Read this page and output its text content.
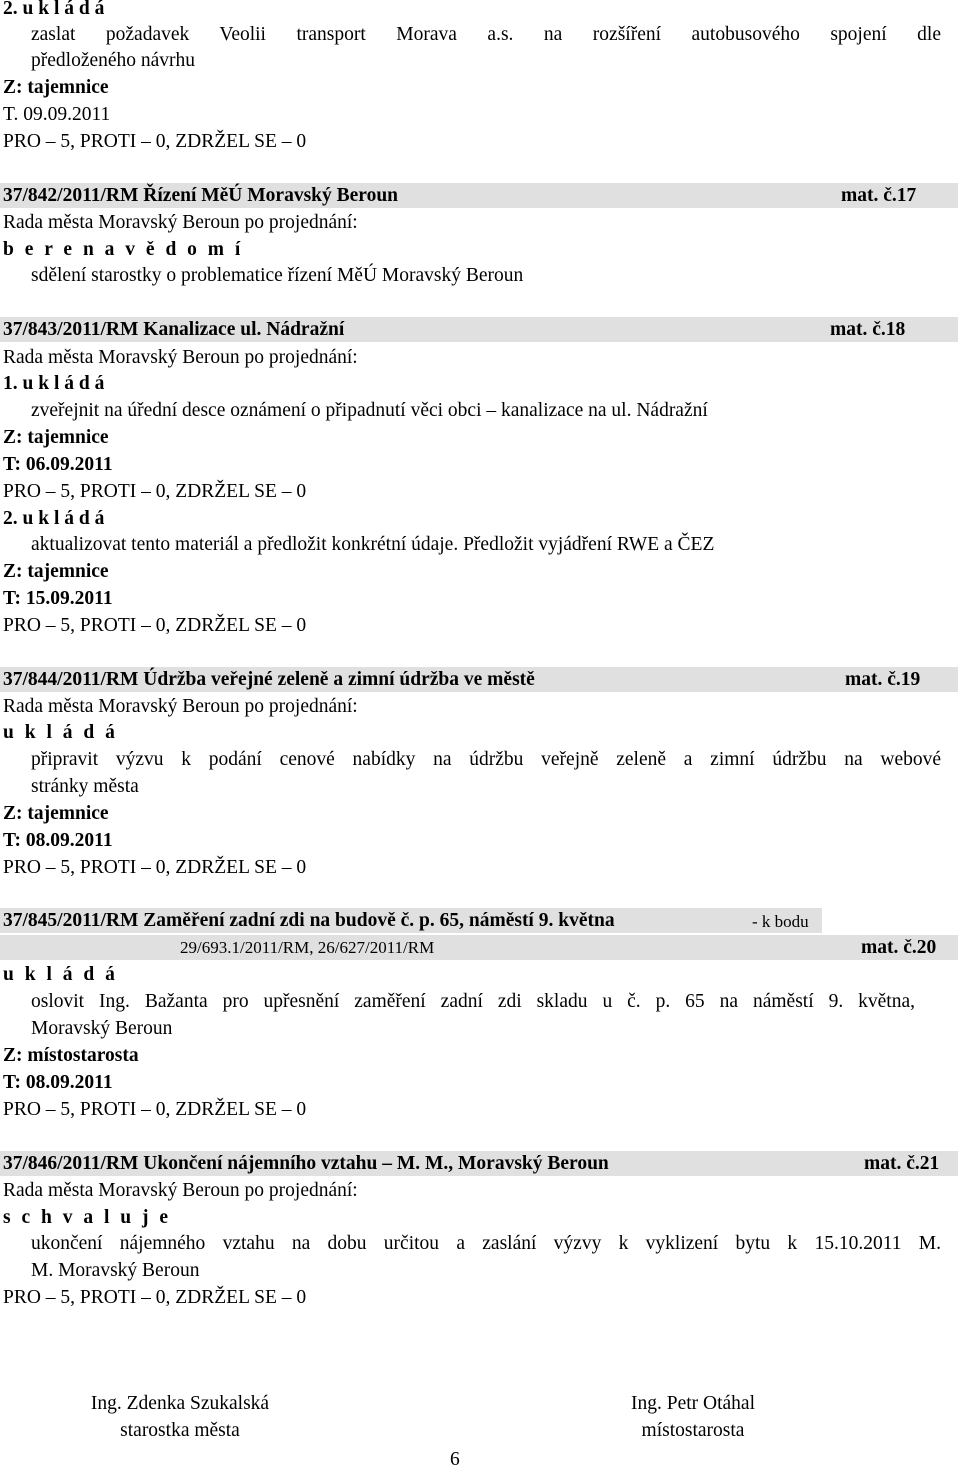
2. u k l á d á
zaslat požadavek Veolii transport Morava a.s. na rozšíření autobusového spojení dle
předloženého návrhu
Z: tajemnice
T. 09.09.2011
PRO – 5, PROTI – 0, ZDRŽEL SE – 0
37/842/2011/RM Řízení MěÚ Moravský Beroun	mat. č.17
Rada města Moravský Beroun po projednání:
b e r e n a v ě d o m í
sdělení starostky o problematice řízení MěÚ Moravský Beroun
37/843/2011/RM Kanalizace ul. Nádražní	mat. č.18
Rada města Moravský Beroun po projednání:
1. u k l á d á
zveřejnit na úřední desce oznámení o připadnutí věci obci – kanalizace na ul. Nádražní
Z: tajemnice
T: 06.09.2011
PRO – 5, PROTI – 0, ZDRŽEL SE – 0
2. u k l á d á
aktualizovat tento materiál a předložit konkrétní údaje. Předložit vyjádření RWE a ČEZ
Z: tajemnice
T: 15.09.2011
PRO – 5, PROTI – 0, ZDRŽEL SE – 0
37/844/2011/RM Údržba veřejné zeleně a zimní údržba ve městě	mat. č.19
Rada města Moravský Beroun po projednání:
u k l á d á
připravit výzvu k podání cenové nabídky na údržbu veřejně zeleně a zimní údržbu na webové
stránky města
Z: tajemnice
T: 08.09.2011
PRO – 5, PROTI – 0, ZDRŽEL SE – 0
37/845/2011/RM Zaměření zadní zdi na budově č. p. 65, náměstí 9. května	- k bodu
29/693.1/2011/RM, 26/627/2011/RM	mat. č.20
u k l á d á
oslovit Ing. Bažanta pro upřesnění zaměření zadní zdi skladu u č. p. 65 na náměstí 9. května,
Moravský Beroun
Z: místostarosta
T: 08.09.2011
PRO – 5, PROTI – 0, ZDRŽEL SE – 0
37/846/2011/RM Ukončení nájemního vztahu – M. M., Moravský Beroun	mat. č.21
Rada města Moravský Beroun po projednání:
s c h v a l u j e
ukončení nájemného vztahu na dobu určitou a zaslání výzvy k vyklizení bytu k 15.10.2011 M.
M. Moravský Beroun
PRO – 5, PROTI – 0, ZDRŽEL SE – 0
Ing. Zdenka Szukalská
starostka města
Ing. Petr Otáhal
místostarosta
6
